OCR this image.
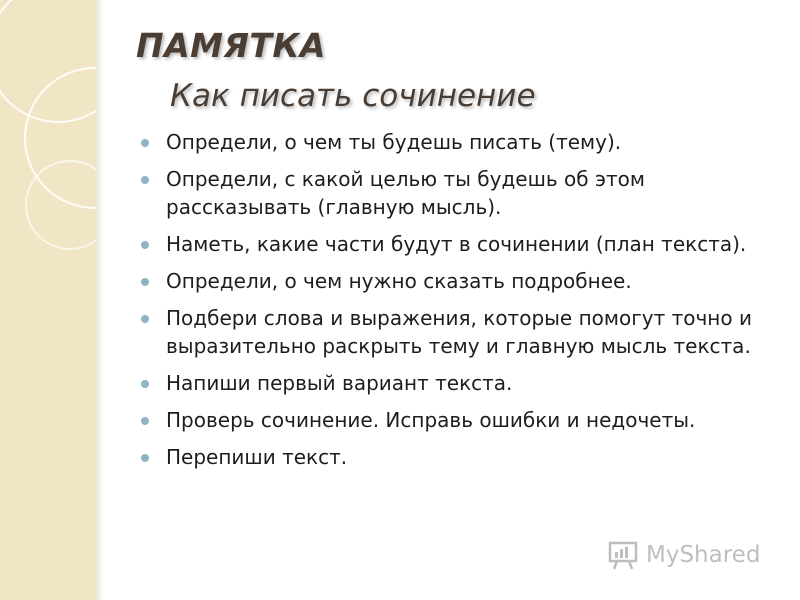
ПАМЯТКА
Как писать сочинение
Определи, о чем ты будешь писать (тему).
Определи, с какой целью ты будешь об этом рассказывать (главную мысль).
Наметь, какие части будут в сочинении (план текста).
Определи, о чем нужно сказать подробнее.
Подбери слова и выражения, которые помогут точно и выразительно раскрыть тему и главную мысль текста.
Напиши первый вариант текста.
Проверь сочинение. Исправь ошибки и недочеты.
Перепиши текст.
MyShared
